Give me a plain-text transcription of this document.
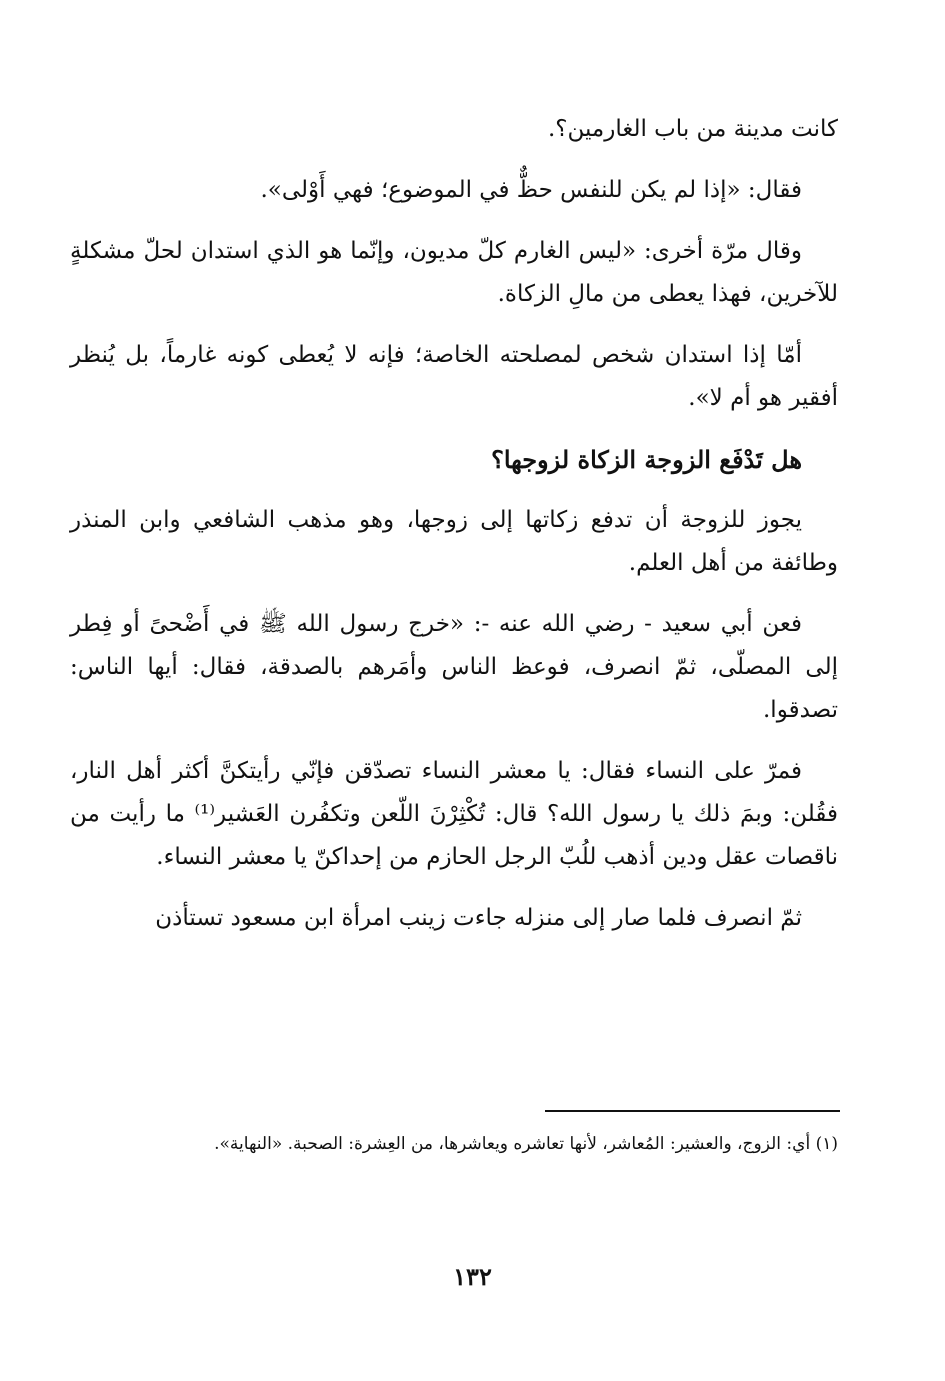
كانت مدينة من باب الغارمين؟.

فقال: «إذا لم يكن للنفس حظٌّ في الموضوع؛ فهي أَوْلى».

وقال مرّة أخرى: «ليس الغارم كلّ مديون، وإنّما هو الذي استدان لحلّ مشكلةٍ للآخرين، فهذا يعطى من مالِ الزكاة.

أمّا إذا استدان شخص لمصلحته الخاصة؛ فإنه لا يُعطى كونه غارماً، بل يُنظر أفقير هو أم لا».

هل تَدْفَع الزوجة الزكاة لزوجها؟

يجوز للزوجة أن تدفع زكاتها إلى زوجها، وهو مذهب الشافعي وابن المنذر وطائفة من أهل العلم.

فعن أبي سعيد - رضي الله عنه -: «خرج رسول الله ﷺ في أَضْحىً أو فِطر إلى المصلّى، ثمّ انصرف، فوعظ الناس وأمَرهم بالصدقة، فقال: أيها الناس: تصدقوا.

فمرّ على النساء فقال: يا معشر النساء تصدّقن فإنّي رأيتكنَّ أكثر أهل النار، فقُلن: وبمَ ذلك يا رسول الله؟ قال: تُكْثِرْنَ اللّعن وتكفُرن العَشير⁽¹⁾ ما رأيت من ناقصات عقل ودين أذهب للُبّ الرجل الحازم من إحداكنّ يا معشر النساء.

ثمّ انصرف فلما صار إلى منزله جاءت زينب امرأة ابن مسعود تستأذن

(١) أي: الزوج، والعشير: المُعاشر، لأنها تعاشره ويعاشرها، من العِشرة: الصحبة. «النهاية».
١٣٢
